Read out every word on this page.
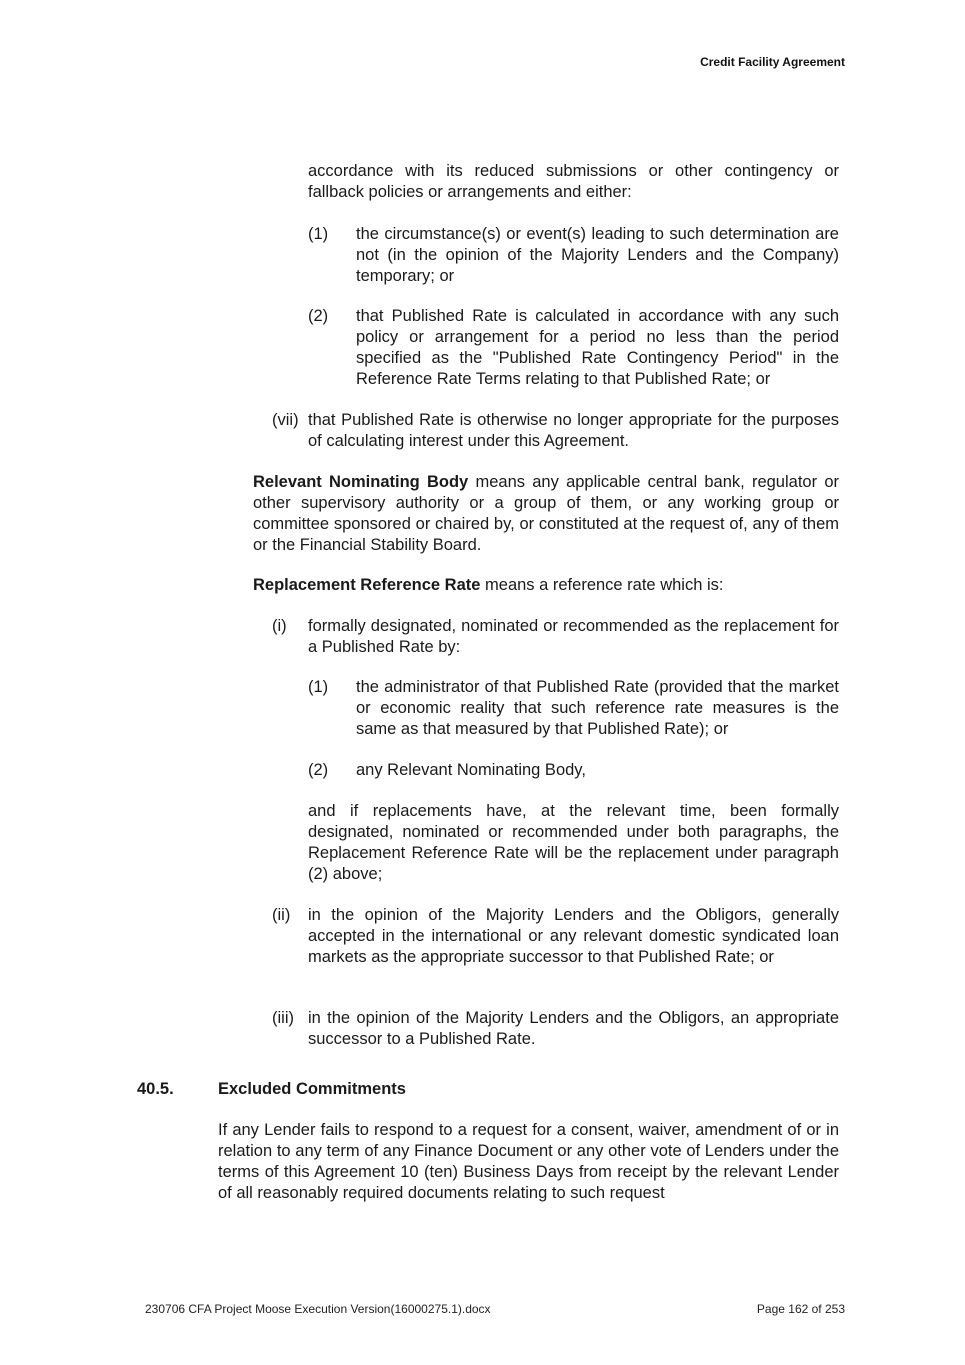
Credit Facility Agreement

accordance with its reduced submissions or other contingency or fallback policies or arrangements and either:

(1) the circumstance(s) or event(s) leading to such determination are not (in the opinion of the Majority Lenders and the Company) temporary; or

(2) that Published Rate is calculated in accordance with any such policy or arrangement for a period no less than the period specified as the "Published Rate Contingency Period" in the Reference Rate Terms relating to that Published Rate; or

(vii) that Published Rate is otherwise no longer appropriate for the purposes of calculating interest under this Agreement.

Relevant Nominating Body means any applicable central bank, regulator or other supervisory authority or a group of them, or any working group or committee sponsored or chaired by, or constituted at the request of, any of them or the Financial Stability Board.

Replacement Reference Rate means a reference rate which is:

(i) formally designated, nominated or recommended as the replacement for a Published Rate by:

(1) the administrator of that Published Rate (provided that the market or economic reality that such reference rate measures is the same as that measured by that Published Rate); or

(2) any Relevant Nominating Body,

and if replacements have, at the relevant time, been formally designated, nominated or recommended under both paragraphs, the Replacement Reference Rate will be the replacement under paragraph (2) above;

(ii) in the opinion of the Majority Lenders and the Obligors, generally accepted in the international or any relevant domestic syndicated loan markets as the appropriate successor to that Published Rate; or

(iii) in the opinion of the Majority Lenders and the Obligors, an appropriate successor to a Published Rate.

40.5.	Excluded Commitments

If any Lender fails to respond to a request for a consent, waiver, amendment of or in relation to any term of any Finance Document or any other vote of Lenders under the terms of this Agreement 10 (ten) Business Days from receipt by the relevant Lender of all reasonably required documents relating to such request

230706 CFA Project Moose Execution Version(16000275.1).docx	Page 162 of 253
